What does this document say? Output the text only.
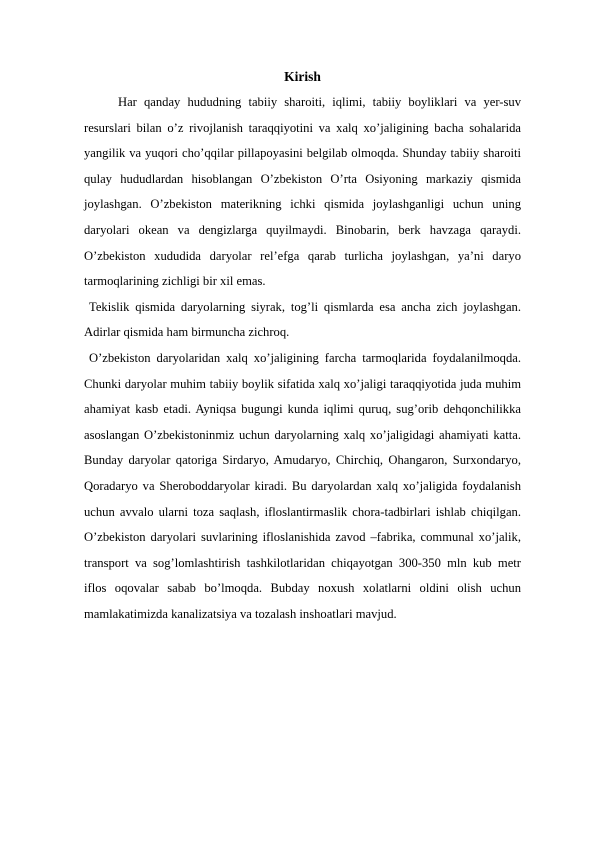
Kirish

Har qanday hududning tabiiy sharoiti, iqlimi, tabiiy boyliklari va yer-suv resurslari bilan o’z rivojlanish taraqqiyotini va xalq xo’jaligining bacha sohalarida yangilik va yuqori cho’qqilar pillapoyasini belgilab olmoqda. Shunday tabiiy sharoiti qulay hududlardan hisoblangan O’zbekiston O’rta Osiyoning markaziy qismida joylashgan. O’zbekiston materikning ichki qismida joylashganligi uchun uning daryolari okean va dengizlarga quyilmaydi. Binobarin, berk havzaga qaraydi. O’zbekiston xududida daryolar rel’efga qarab turlicha joylashgan, ya’ni daryo tarmoqlarining zichligi bir xil emas.

Tekislik qismida daryolarning siyrak, tog’li qismlarda esa ancha zich joylashgan. Adirlar qismida ham birmuncha zichroq.

O’zbekiston daryolaridan xalq xo’jaligining farcha tarmoqlarida foydalanilmoqda. Chunki daryolar muhim tabiiy boylik sifatida xalq xo’jaligi taraqqiyotida juda muhim ahamiyat kasb etadi. Ayniqsa bugungi kunda iqlimi quruq, sug’orib dehqonchilikka asoslangan O’zbekistoninmiz uchun daryolarning xalq xo’jaligidagi ahamiyati katta. Bunday daryolar qatoriga Sirdaryo, Amudaryo, Chirchiq, Ohangaron, Surxondaryo, Qoradaryo va Sheroboddaryolar kiradi. Bu daryolardan xalq xo’jaligida foydalanish uchun avvalo ularni toza saqlash, ifloslantirmaslik chora-tadbirlari ishlab chiqilgan. O’zbekiston daryolari suvlarining ifloslanishida zavod –fabrika, communal xo’jalik, transport va sog’lomlashtirish tashkilotlaridan chiqayotgan 300-350 mln kub metr iflos oqovalar sabab bo’lmoqda. Bubday noxush xolatlarni oldini olish uchun mamlakatimizda kanalizatsiya va tozalash inshoatlari mavjud.
